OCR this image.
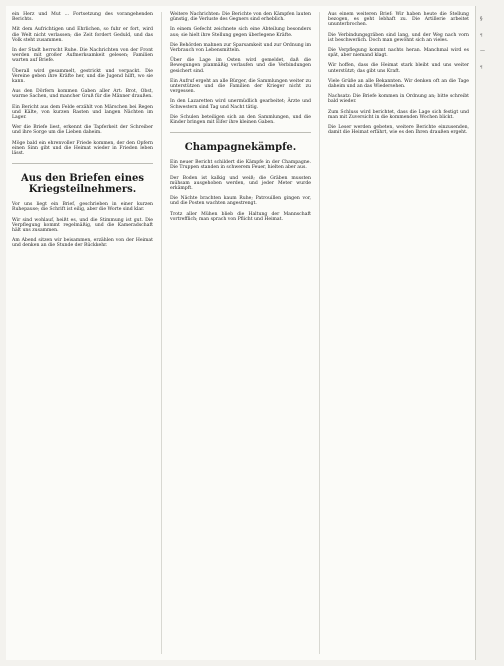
ein Herz und Mut ... Fortsetzung des vorangehenden Berichts.

Mit dem Aufrichtigen und Ehrlichen, so fuhr er fort, wird die Welt nicht verlassen; die Zeit fordert Geduld, und das Volk steht zusammen.

In der Stadt herrscht Ruhe. Die Nachrichten von der Front werden mit großer Aufmerksamkeit gelesen; Familien warten auf Briefe.

Überall wird gesammelt, gestrickt und verpackt. Die Vereine geben ihre Kräfte her, und die Jugend hilft, wo sie kann.

Aus den Dörfern kommen Gaben aller Art: Brot, Obst, warme Sachen, und mancher Gruß für die Männer draußen.

Ein Bericht aus dem Felde erzählt von Märschen bei Regen und Kälte, von kurzen Rasten und langen Nächten im Lager.

Wer die Briefe liest, erkennt die Tapferkeit der Schreiber und ihre Sorge um die Lieben daheim.

Möge bald ein ehrenvoller Friede kommen, der den Opfern einen Sinn gibt und die Heimat wieder in Frieden leben lässt.

Aus den Briefen eines Kriegsteilnehmers.

Vor uns liegt ein Brief, geschrieben in einer kurzen Ruhepause; die Schrift ist eilig, aber die Worte sind klar.

Wir sind wohlauf, heißt es, und die Stimmung ist gut. Die Verpflegung kommt regelmäßig, und die Kameradschaft hält uns zusammen.

Am Abend sitzen wir beisammen, erzählen von der Heimat und denken an die Stunde der Rückkehr.

Weitere Nachrichten: Die Berichte von den Kämpfen lauten günstig, die Verluste des Gegners sind erheblich.

In einem Gefecht zeichnete sich eine Abteilung besonders aus; sie hielt ihre Stellung gegen überlegene Kräfte.

Die Behörden mahnen zur Sparsamkeit und zur Ordnung im Verbrauch von Lebensmitteln.

Über die Lage im Osten wird gemeldet, daß die Bewegungen planmäßig verlaufen und die Verbindungen gesichert sind.

Ein Aufruf ergeht an alle Bürger, die Sammlungen weiter zu unterstützen und die Familien der Krieger nicht zu vergessen.

In den Lazaretten wird unermüdlich gearbeitet; Ärzte und Schwestern sind Tag und Nacht tätig.

Die Schulen beteiligen sich an den Sammlungen, und die Kinder bringen mit Eifer ihre kleinen Gaben.

Champagnekämpfe.

Ein neuer Bericht schildert die Kämpfe in der Champagne. Die Truppen standen in schwerem Feuer, hielten aber aus.

Der Boden ist kalkig und weiß; die Gräben mussten mühsam ausgehoben werden, und jeder Meter wurde erkämpft.

Die Nächte brachten kaum Ruhe; Patrouillen gingen vor, und die Posten wachten angestrengt.

Trotz aller Mühen blieb die Haltung der Mannschaft vortrefflich; man sprach von Pflicht und Heimat.

Aus einem weiteren Brief: Wir haben heute die Stellung bezogen, es geht lebhaft zu. Die Artillerie arbeitet ununterbrochen.

Die Verbindungsgräben sind lang, und der Weg nach vorn ist beschwerlich. Doch man gewöhnt sich an vieles.

Die Verpflegung kommt nachts heran. Manchmal wird es spät, aber niemand klagt.

Wir hoffen, dass die Heimat stark bleibt und uns weiter unterstützt; das gibt uns Kraft.

Viele Grüße an alle Bekannten. Wir denken oft an die Tage daheim und an das Wiedersehen.

Nachsatz: Die Briefe kommen in Ordnung an; bitte schreibt bald wieder.

Zum Schluss wird berichtet, dass die Lage sich festigt und man mit Zuversicht in die kommenden Wochen blickt.

Die Leser werden gebeten, weitere Berichte einzusenden, damit die Heimat erfährt, wie es den Ihren draußen ergeht.

§
¶
—
¶
